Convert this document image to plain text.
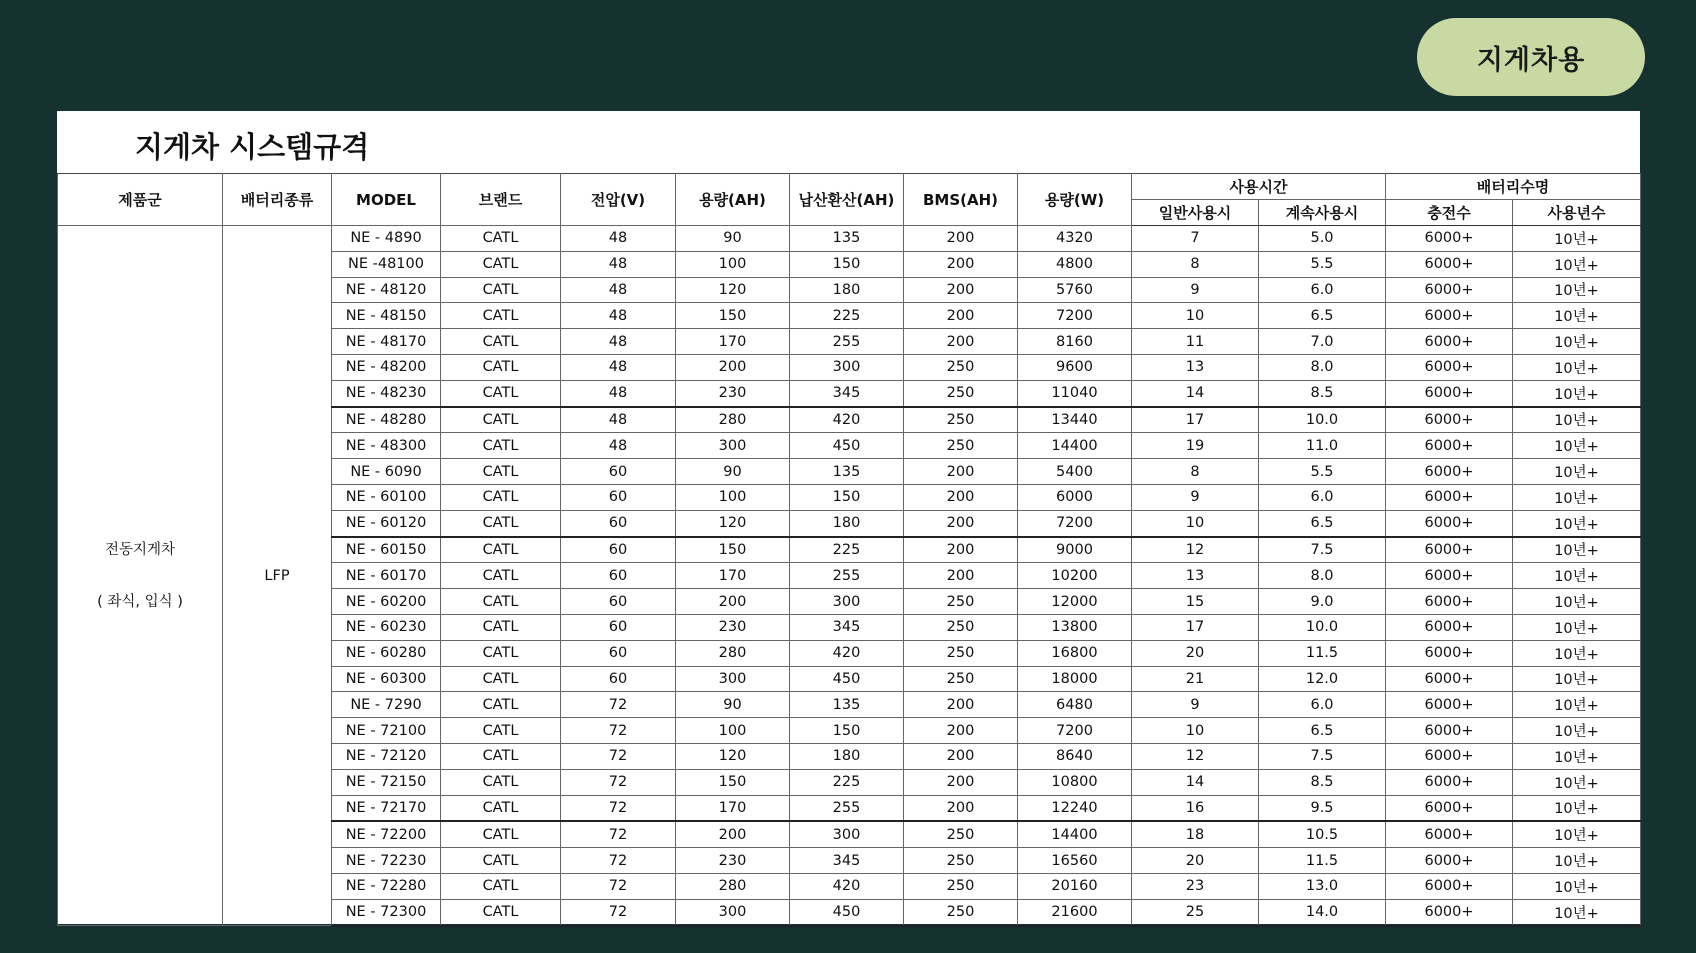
지게차용
지게차 시스템규격
제품군	배터리종류	MODEL	브랜드	전압(V)	용량(AH)	납산환산(AH)	BMS(AH)	용량(W)	사용시간		배터리수명	
									일반사용시	계속사용시	충전수	사용년수
전동지게차
( 좌식, 입식 )	LFP	NE - 4890	CATL	48	90	135	200	4320	7	5.0	6000+	10년+
		NE -48100	CATL	48	100	150	200	4800	8	5.5	6000+	10년+
		NE - 48120	CATL	48	120	180	200	5760	9	6.0	6000+	10년+
		NE - 48150	CATL	48	150	225	200	7200	10	6.5	6000+	10년+
		NE - 48170	CATL	48	170	255	200	8160	11	7.0	6000+	10년+
		NE - 48200	CATL	48	200	300	250	9600	13	8.0	6000+	10년+
		NE - 48230	CATL	48	230	345	250	11040	14	8.5	6000+	10년+
		NE - 48280	CATL	48	280	420	250	13440	17	10.0	6000+	10년+
		NE - 48300	CATL	48	300	450	250	14400	19	11.0	6000+	10년+
		NE - 6090	CATL	60	90	135	200	5400	8	5.5	6000+	10년+
		NE - 60100	CATL	60	100	150	200	6000	9	6.0	6000+	10년+
		NE - 60120	CATL	60	120	180	200	7200	10	6.5	6000+	10년+
		NE - 60150	CATL	60	150	225	200	9000	12	7.5	6000+	10년+
		NE - 60170	CATL	60	170	255	200	10200	13	8.0	6000+	10년+
		NE - 60200	CATL	60	200	300	250	12000	15	9.0	6000+	10년+
		NE - 60230	CATL	60	230	345	250	13800	17	10.0	6000+	10년+
		NE - 60280	CATL	60	280	420	250	16800	20	11.5	6000+	10년+
		NE - 60300	CATL	60	300	450	250	18000	21	12.0	6000+	10년+
		NE - 7290	CATL	72	90	135	200	6480	9	6.0	6000+	10년+
		NE - 72100	CATL	72	100	150	200	7200	10	6.5	6000+	10년+
		NE - 72120	CATL	72	120	180	200	8640	12	7.5	6000+	10년+
		NE - 72150	CATL	72	150	225	200	10800	14	8.5	6000+	10년+
		NE - 72170	CATL	72	170	255	200	12240	16	9.5	6000+	10년+
		NE - 72200	CATL	72	200	300	250	14400	18	10.5	6000+	10년+
		NE - 72230	CATL	72	230	345	250	16560	20	11.5	6000+	10년+
		NE - 72280	CATL	72	280	420	250	20160	23	13.0	6000+	10년+
		NE - 72300	CATL	72	300	450	250	21600	25	14.0	6000+	10년+
